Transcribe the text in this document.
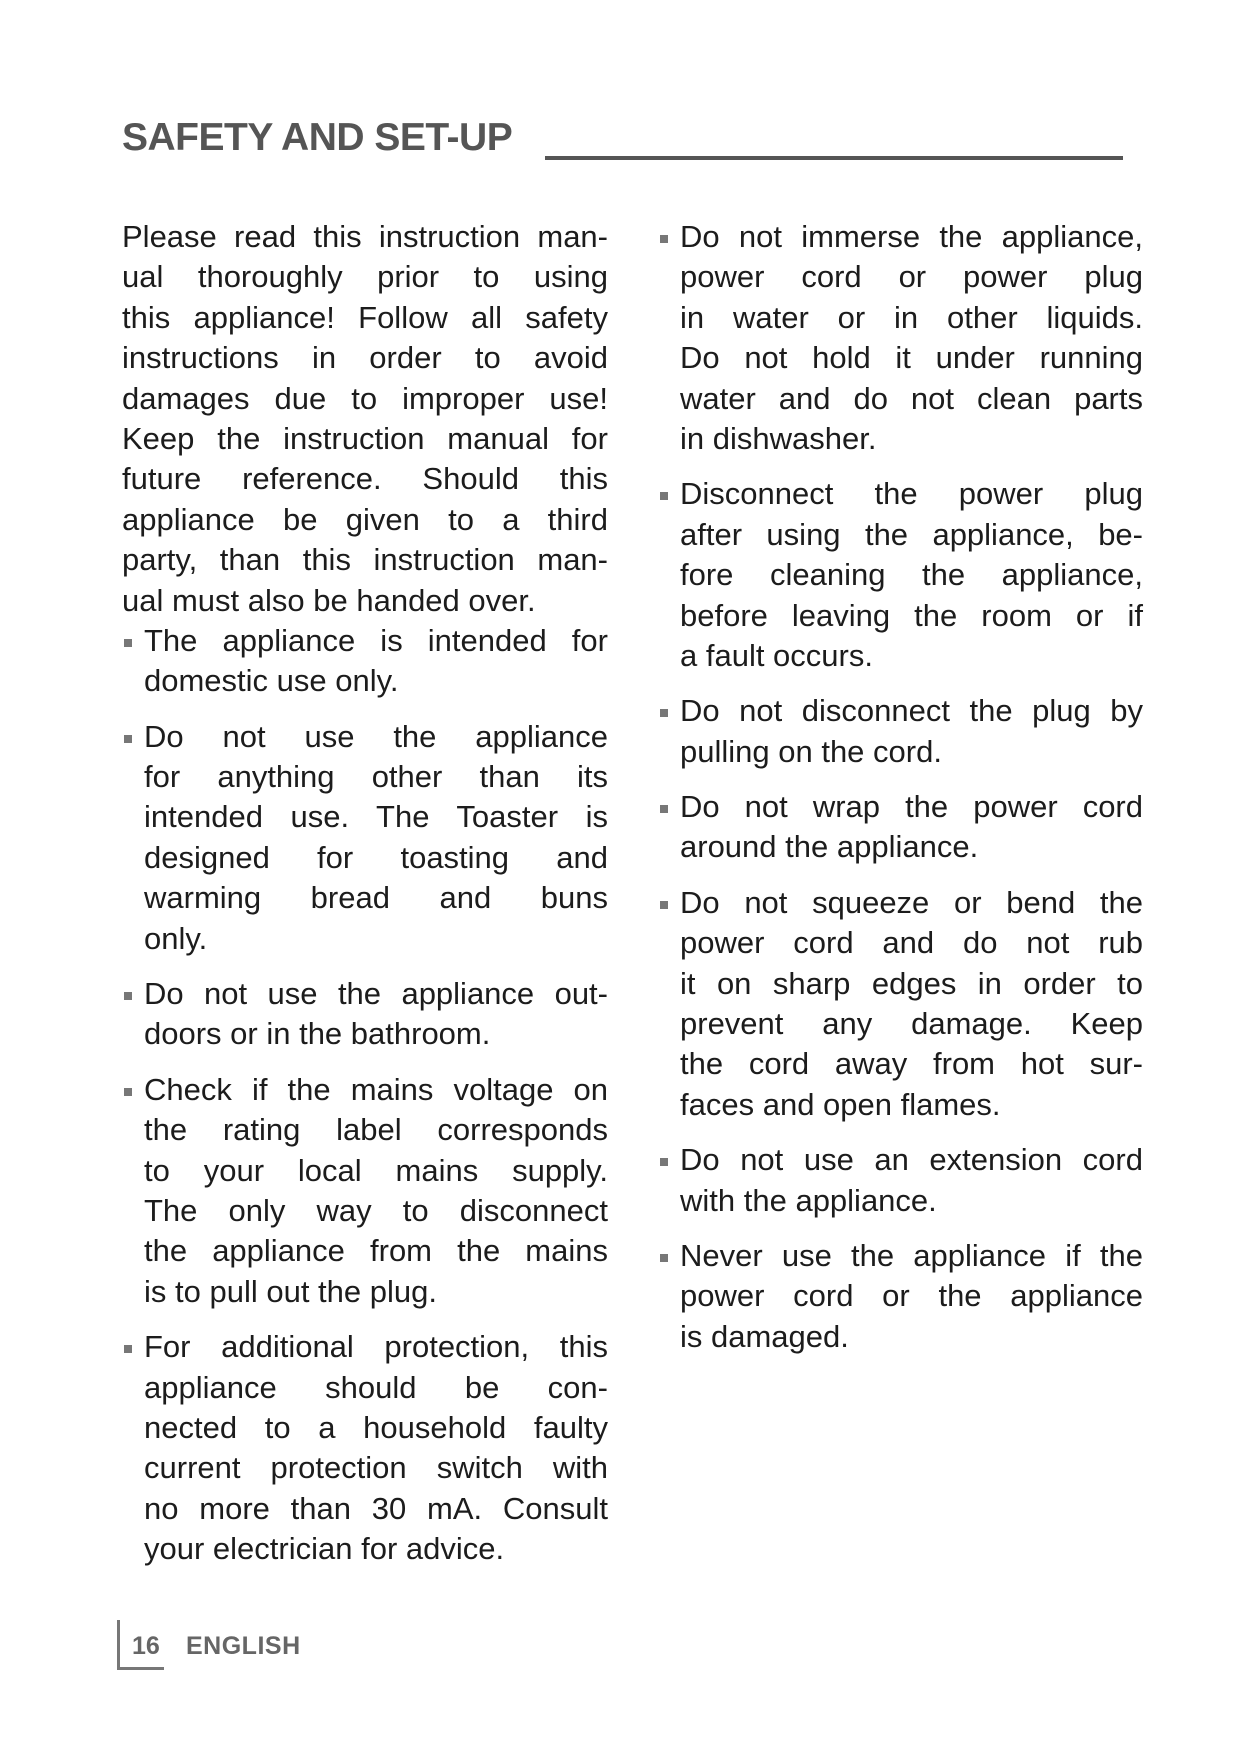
SAFETY AND SET-UP
Please read this instruction man-
ual thoroughly prior to using
this appliance! Follow all safety
instructions in order to avoid
damages due to improper use!
Keep the instruction manual for
future reference. Should this
appliance be given to a third
party, than this instruction man-
ual must also be handed over.
The appliance is intended for
domestic use only.
Do not use the appliance
for anything other than its
intended use. The Toaster is
designed for toasting and
warming bread and buns
only.
Do not use the appliance out-
doors or in the bathroom.
Check if the mains voltage on
the rating label corresponds
to your local mains supply.
The only way to disconnect
the appliance from the mains
is to pull out the plug.
For additional protection, this
appliance should be con-
nected to a household faulty
current protection switch with
no more than 30 mA. Consult
your electrician for advice.
Do not immerse the appliance,
power cord or power plug
in water or in other liquids.
Do not hold it under running
water and do not clean parts
in dishwasher.
Disconnect the power plug
after using the appliance, be-
fore cleaning the appliance,
before leaving the room or if
a fault occurs.
Do not disconnect the plug by
pulling on the cord.
Do not wrap the power cord
around the appliance.
Do not squeeze or bend the
power cord and do not rub
it on sharp edges in order to
prevent any damage. Keep
the cord away from hot sur-
faces and open flames.
Do not use an extension cord
with the appliance.
Never use the appliance if the
power cord or the appliance
is damaged.
16 ENGLISH
